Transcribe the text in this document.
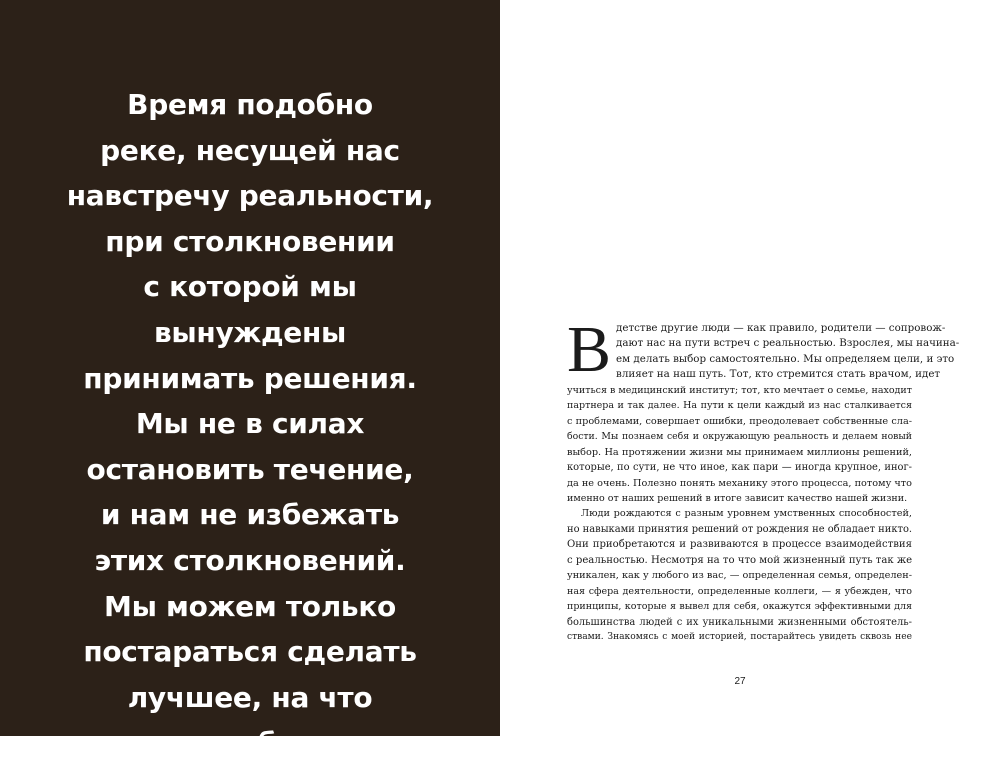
Время подобно
реке, несущей нас
навстречу реальности,
при столкновении
с которой мы
вынуждены
принимать решения.
Мы не в силах
остановить течение,
и нам не избежать
этих столкновений.
Мы можем только
постараться сделать
лучшее, на что
способны.
В детстве другие люди — как правило, родители — сопровож-
дают нас на пути встреч с реальностью. Взрослея, мы начина-
ем делать выбор самостоятельно. Мы определяем цели, и это
влияет на наш путь. Тот, кто стремится стать врачом, идет
учиться в медицинский институт; тот, кто мечтает о семье, находит
партнера и так далее. На пути к цели каждый из нас сталкивается
с проблемами, совершает ошибки, преодолевает собственные сла-
бости. Мы познаем себя и окружающую реальность и делаем новый
выбор. На протяжении жизни мы принимаем миллионы решений,
которые, по сути, не что иное, как пари — иногда крупное, иног-
да не очень. Полезно понять механику этого процесса, потому что
именно от наших решений в итоге зависит качество нашей жизни.
Люди рождаются с разным уровнем умственных способностей,
но навыками принятия решений от рождения не обладает никто.
Они приобретаются и развиваются в процессе взаимодействия
с реальностью. Несмотря на то что мой жизненный путь так же
уникален, как у любого из вас, — определенная семья, определен-
ная сфера деятельности, определенные коллеги, — я убежден, что
принципы, которые я вывел для себя, окажутся эффективными для
большинства людей с их уникальными жизненными обстоятель-
ствами. Знакомясь с моей историей, постарайтесь увидеть сквозь нее
27
